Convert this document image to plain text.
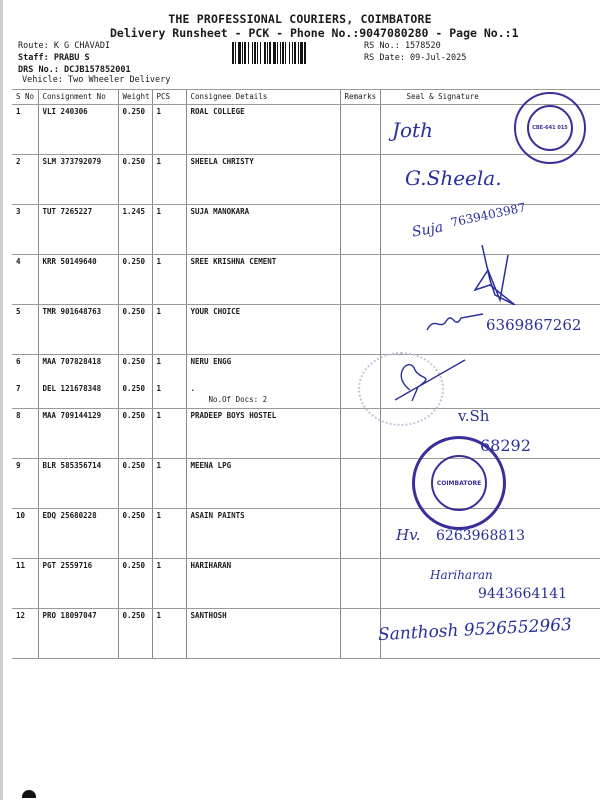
THE PROFESSIONAL COURIERS, COIMBATORE
Delivery Runsheet - PCK - Phone No.:9047080280 - Page No.:1
Route: K G CHAVADI
Staff: PRABU S
DRS No.: DCJB157852001
Vehicle: Two Wheeler Delivery
RS No.: 1578520
RS Date: 09-Jul-2025
S No	Consignment No	Weight	PCS	Consignee Details	Remarks	Seal & Signature
1	VLI 240306	0.250	1	ROAL COLLEGE		
2	SLM 373792079	0.250	1	SHEELA CHRISTY		
3	TUT 7265227	1.245	1	SUJA MANOKARA		
4	KRR 50149640	0.250	1	SREE KRISHNA CEMENT		
5	TMR 901648763	0.250	1	YOUR CHOICE		
6	MAA 707828418	0.250	1	NERU ENGG		
7	DEL 121678348	0.250	1	.
No.Of Docs: 2		

8	MAA 709144129	0.250	1	PRADEEP BOYS HOSTEL		
9	BLR 585356714	0.250	1	MEENA LPG		
10	EDQ 25680228	0.250	1	ASAIN PAINTS		
11	PGT 2559716	0.250	1	HARIHARAN		
12	PRO 18097047	0.250	1	SANTHOSH		
Joth
G.Sheela.
Suja
7639403987
6369867262
v.Sh
68292
COIMBATORE
Hv. 6263968813
Hariharan
9443664141
Santhosh 9526552963
CBE-641 015
